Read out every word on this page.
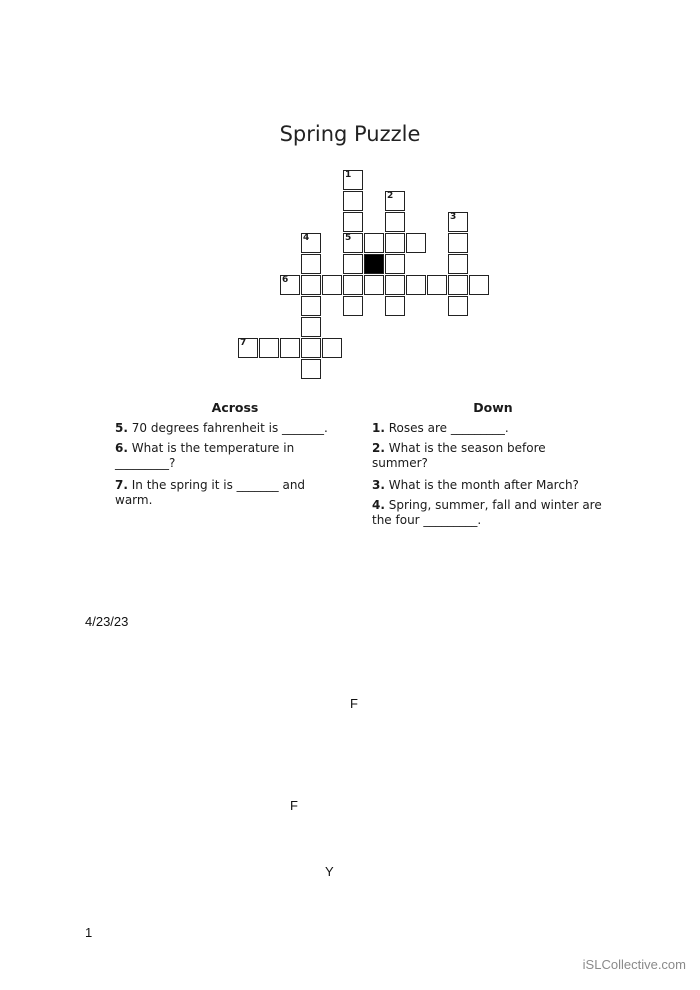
Spring Puzzle
1
5
2
3
4
6
7
Across	Down
5. 70 degrees fahrenheit is _______.
6. What is the temperature in _________?
7. In the spring it is _______ and warm.
1. Roses are _________.
2. What is the season before summer?
3. What is the month after March?
4. Spring, summer, fall and winter are the four _________.
4/23/23
F
F
Y
1
iSLCollective.com
